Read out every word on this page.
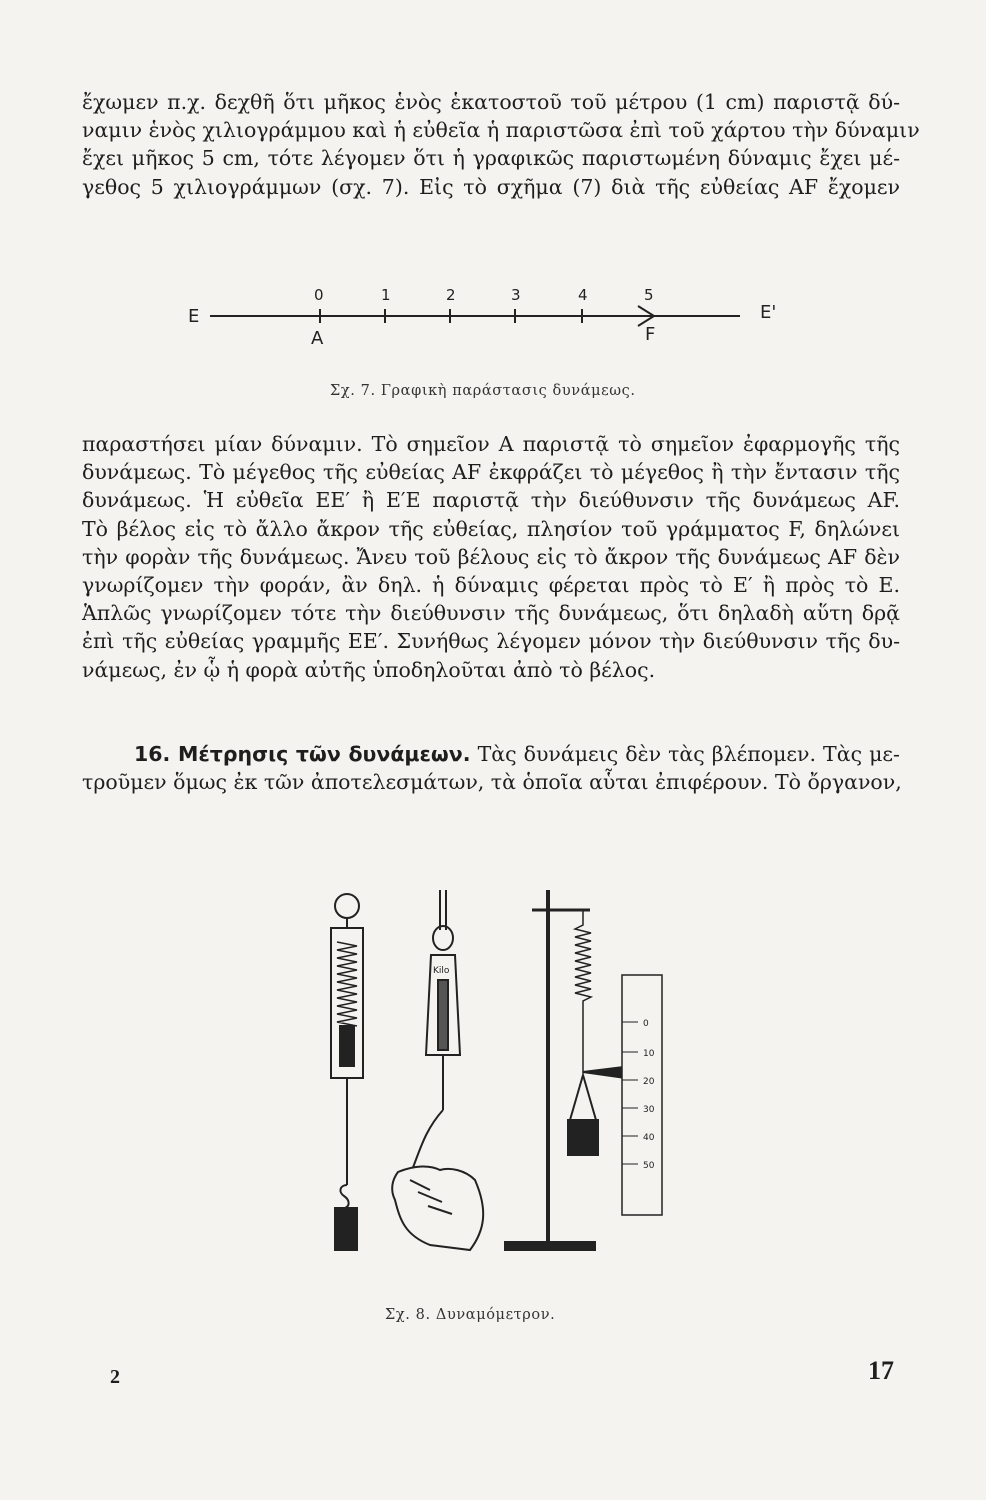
ἔχωμεν π.χ. δεχθῆ ὅτι μῆκος ἑνὸς ἑκατοστοῦ τοῦ μέτρου (1 cm) παριστᾷ δύ-
ναμιν ἑνὸς χιλιογράμμου καὶ ἡ εὐθεῖα ἡ παριστῶσα ἐπὶ τοῦ χάρτου τὴν δύναμιν
ἔχει μῆκος 5 cm, τότε λέγομεν ὅτι ἡ γραφικῶς παριστωμένη δύναμις ἔχει μέ-
γεθος 5 χιλιογράμμων (σχ. 7). Εἰς τὸ σχῆμα (7) διὰ τῆς εὐθείας ΑF ἔχομεν
E	E'
0	1	2	3	4	5
A	F
Σχ. 7. Γραφικὴ παράστασις δυνάμεως.
παραστήσει μίαν δύναμιν. Τὸ σημεῖον Α παριστᾷ τὸ σημεῖον ἐφαρμογῆς τῆς
δυνάμεως. Τὸ μέγεθος τῆς εὐθείας ΑF ἐκφράζει τὸ μέγεθος ἢ τὴν ἔντασιν τῆς
δυνάμεως. Ἡ εὐθεῖα ΕΕ′ ἢ Ε′Ε παριστᾷ τὴν διεύθυνσιν τῆς δυνάμεως ΑF.
Τὸ βέλος εἰς τὸ ἄλλο ἄκρον τῆς εὐθείας, πλησίον τοῦ γράμματος F, δηλώνει
τὴν φορὰν τῆς δυνάμεως. Ἄνευ τοῦ βέλους εἰς τὸ ἄκρον τῆς δυνάμεως ΑF δὲν
γνωρίζομεν τὴν φοράν, ἂν δηλ. ἡ δύναμις φέρεται πρὸς τὸ Ε′ ἢ πρὸς τὸ Ε.
Ἁπλῶς γνωρίζομεν τότε τὴν διεύθυνσιν τῆς δυνάμεως, ὅτι δηλαδὴ αὕτη δρᾷ
ἐπὶ τῆς εὐθείας γραμμῆς ΕΕ′. Συνήθως λέγομεν μόνον τὴν διεύθυνσιν τῆς δυ-
νάμεως, ἐν ᾧ ἡ φορὰ αὐτῆς ὑποδηλοῦται ἀπὸ τὸ βέλος.
16. Μέτρησις τῶν δυνάμεων. Τὰς δυνάμεις δὲν τὰς βλέπομεν. Τὰς με-
τροῦμεν ὅμως ἐκ τῶν ἀποτελεσμάτων, τὰ ὁποῖα αὗται ἐπιφέρουν. Τὸ ὄργανον,
Kilo
0
10
20
30
40
50
Σχ. 8. Δυναμόμετρον.
2	17
